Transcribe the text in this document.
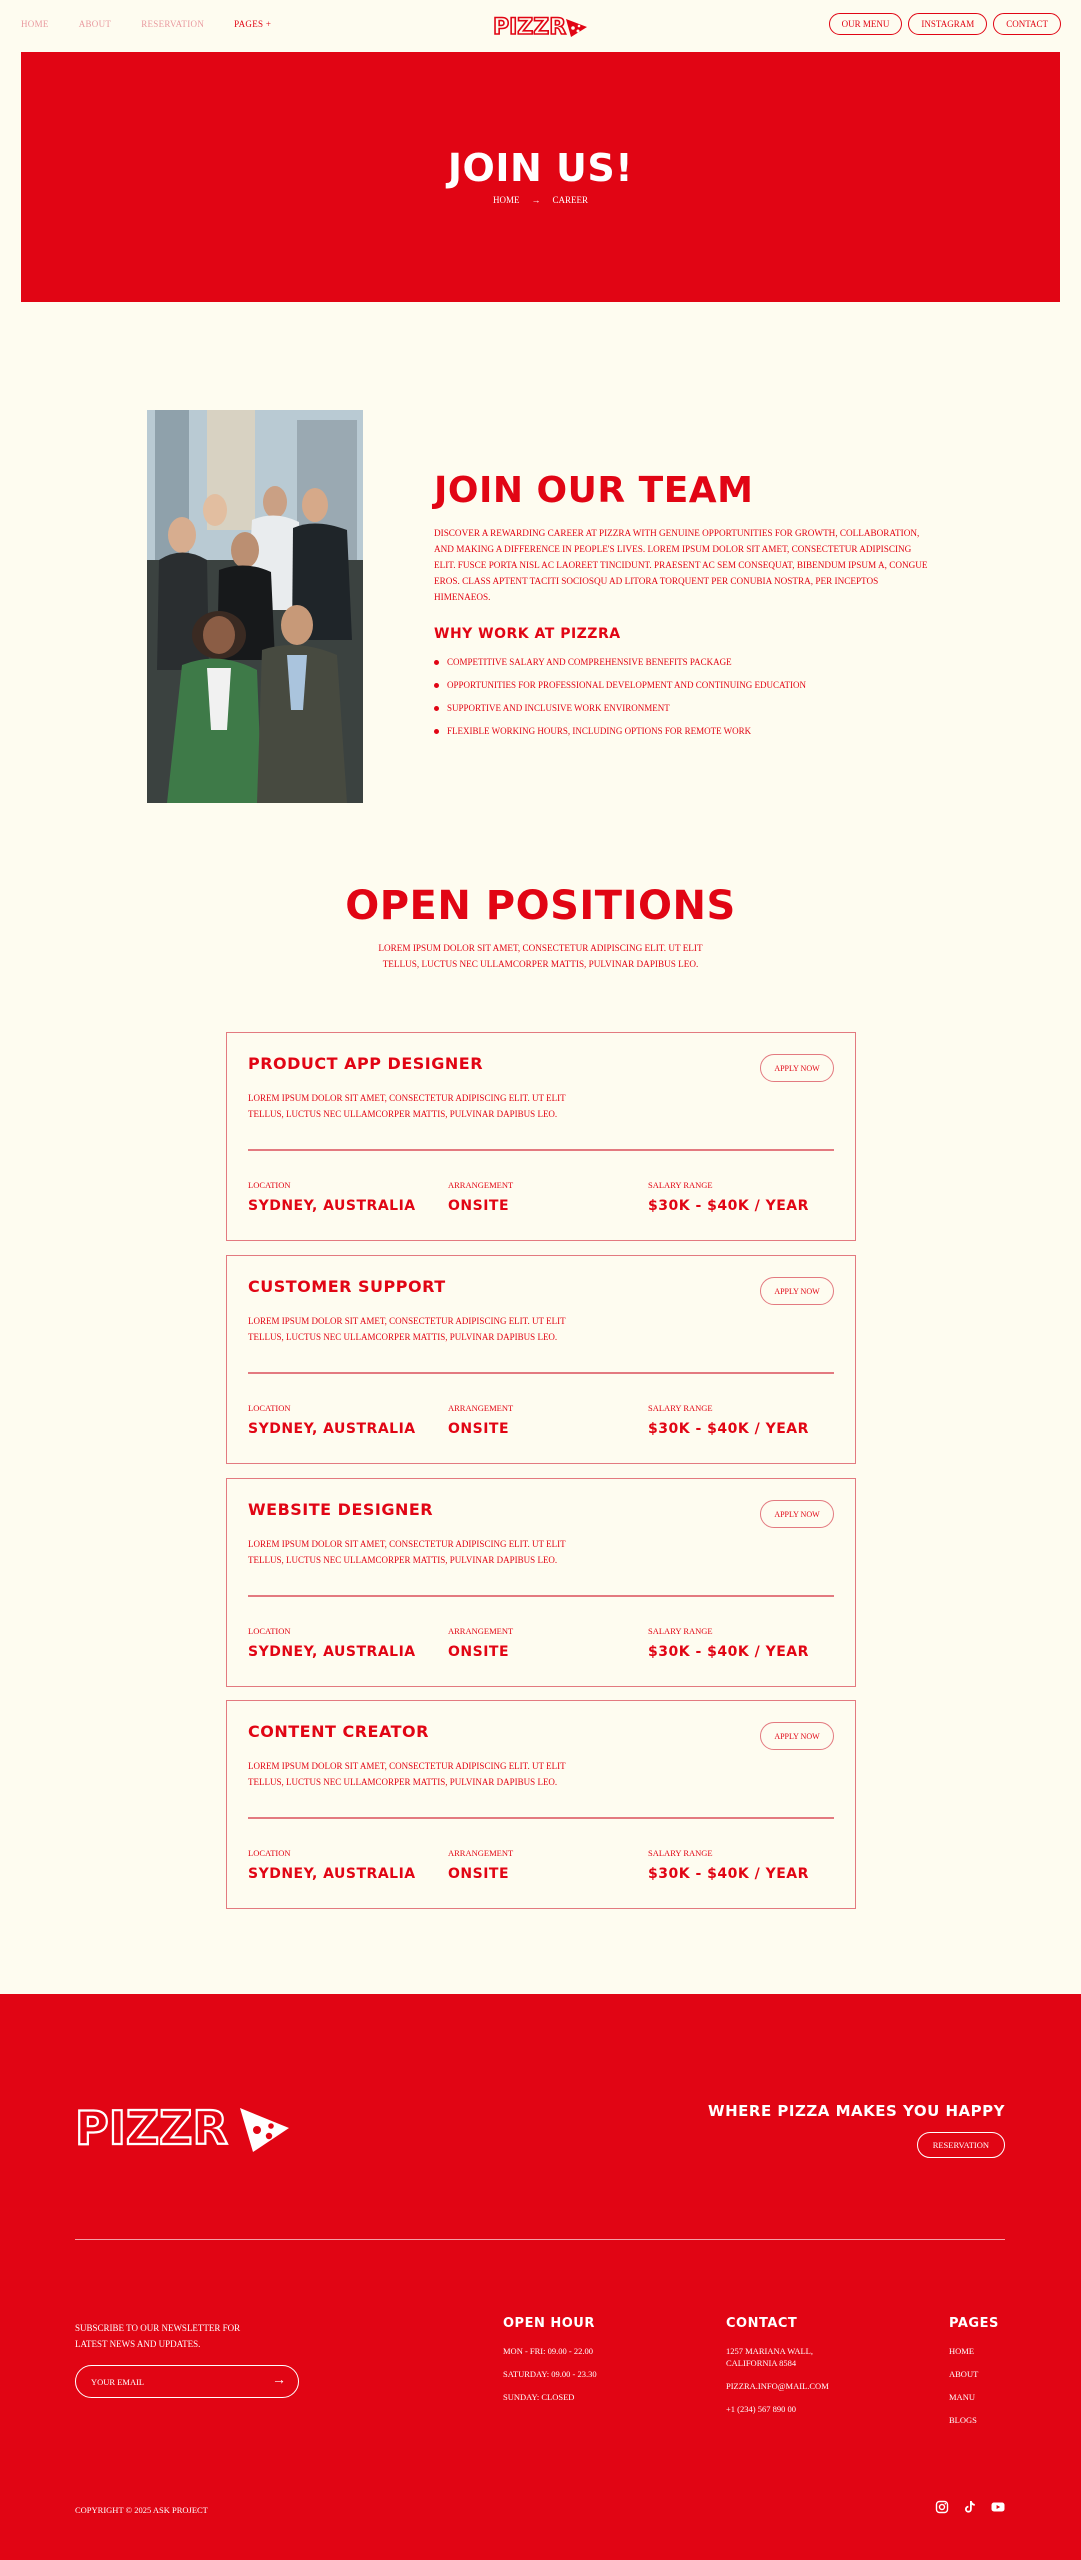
HOME	ABOUT	RESERVATION	PAGES +	PIZZR	OUR MENU	INSTAGRAM	CONTACT
JOIN US!
HOME → CAREER
JOIN OUR TEAM
DISCOVER A REWARDING CAREER AT PIZZRA WITH GENUINE OPPORTUNITIES FOR GROWTH, COLLABORATION, AND MAKING A DIFFERENCE IN PEOPLE'S LIVES. LOREM IPSUM DOLOR SIT AMET, CONSECTETUR ADIPISCING ELIT. FUSCE PORTA NISL AC LAOREET TINCIDUNT. PRAESENT AC SEM CONSEQUAT, BIBENDUM IPSUM A, CONGUE EROS. CLASS APTENT TACITI SOCIOSQU AD LITORA TORQUENT PER CONUBIA NOSTRA, PER INCEPTOS HIMENAEOS.
WHY WORK AT PIZZRA
COMPETITIVE SALARY AND COMPREHENSIVE BENEFITS PACKAGE
OPPORTUNITIES FOR PROFESSIONAL DEVELOPMENT AND CONTINUING EDUCATION
SUPPORTIVE AND INCLUSIVE WORK ENVIRONMENT
FLEXIBLE WORKING HOURS, INCLUDING OPTIONS FOR REMOTE WORK
OPEN POSITIONS
LOREM IPSUM DOLOR SIT AMET, CONSECTETUR ADIPISCING ELIT. UT ELIT TELLUS, LUCTUS NEC ULLAMCORPER MATTIS, PULVINAR DAPIBUS LEO.
PRODUCT APP DESIGNER
LOREM IPSUM DOLOR SIT AMET, CONSECTETUR ADIPISCING ELIT. UT ELIT TELLUS, LUCTUS NEC ULLAMCORPER MATTIS, PULVINAR DAPIBUS LEO.
APPLY NOW
LOCATION
SYDNEY, AUSTRALIA
ARRANGEMENT
ONSITE
SALARY RANGE
$30K - $40K / YEAR
CUSTOMER SUPPORT
LOREM IPSUM DOLOR SIT AMET, CONSECTETUR ADIPISCING ELIT. UT ELIT TELLUS, LUCTUS NEC ULLAMCORPER MATTIS, PULVINAR DAPIBUS LEO.
APPLY NOW
LOCATION
SYDNEY, AUSTRALIA
ARRANGEMENT
ONSITE
SALARY RANGE
$30K - $40K / YEAR
WEBSITE DESIGNER
LOREM IPSUM DOLOR SIT AMET, CONSECTETUR ADIPISCING ELIT. UT ELIT TELLUS, LUCTUS NEC ULLAMCORPER MATTIS, PULVINAR DAPIBUS LEO.
APPLY NOW
LOCATION
SYDNEY, AUSTRALIA
ARRANGEMENT
ONSITE
SALARY RANGE
$30K - $40K / YEAR
CONTENT CREATOR
LOREM IPSUM DOLOR SIT AMET, CONSECTETUR ADIPISCING ELIT. UT ELIT TELLUS, LUCTUS NEC ULLAMCORPER MATTIS, PULVINAR DAPIBUS LEO.
APPLY NOW
LOCATION
SYDNEY, AUSTRALIA
ARRANGEMENT
ONSITE
SALARY RANGE
$30K - $40K / YEAR
PIZZR	WHERE PIZZA MAKES YOU HAPPY
RESERVATION
SUBSCRIBE TO OUR NEWSLETTER FOR LATEST NEWS AND UPDATES.
YOUR EMAIL	→
OPEN HOUR
MON - FRI: 09.00 - 22.00
SATURDAY: 09.00 - 23.30
SUNDAY: CLOSED
CONTACT
1257 MARIANA WALL, CALIFORNIA 8584
PIZZRA.INFO@MAIL.COM
+1 (234) 567 890 00
PAGES
HOME
ABOUT
MANU
BLOGS
COPYRIGHT © 2025 ASK PROJECT
